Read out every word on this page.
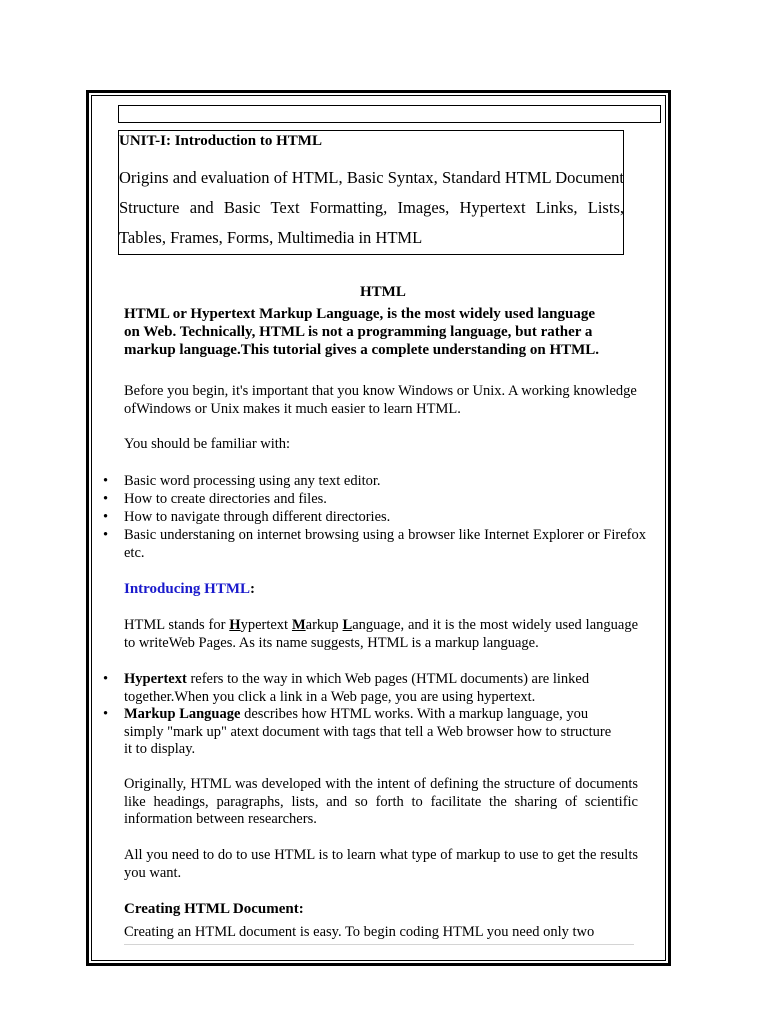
UNIT-I: Introduction to HTML
Origins and evaluation of HTML, Basic Syntax, Standard HTML Document Structure and Basic Text Formatting, Images, Hypertext Links, Lists, Tables, Frames, Forms, Multimedia in HTML
HTML
HTML or Hypertext Markup Language, is the most widely used language on Web. Technically, HTML is not a programming language, but rather a markup language.This tutorial gives a complete understanding on HTML.
Before you begin, it's important that you know Windows or Unix. A working knowledge ofWindows or Unix makes it much easier to learn HTML.
You should be familiar with:
• Basic word processing using any text editor.
• How to create directories and files.
• How to navigate through different directories.
• Basic understaning on internet browsing using a browser like Internet Explorer or Firefox etc.
Introducing HTML:
HTML stands for Hypertext Markup Language, and it is the most widely used language to writeWeb Pages. As its name suggests, HTML is a markup language.
• Hypertext refers to the way in which Web pages (HTML documents) are linked together.When you click a link in a Web page, you are using hypertext.
• Markup Language describes how HTML works. With a markup language, you simply "mark up" atext document with tags that tell a Web browser how to structure it to display.
Originally, HTML was developed with the intent of defining the structure of documents like headings, paragraphs, lists, and so forth to facilitate the sharing of scientific information between researchers.
All you need to do to use HTML is to learn what type of markup to use to get the results you want.
Creating HTML Document:
Creating an HTML document is easy. To begin coding HTML you need only two
